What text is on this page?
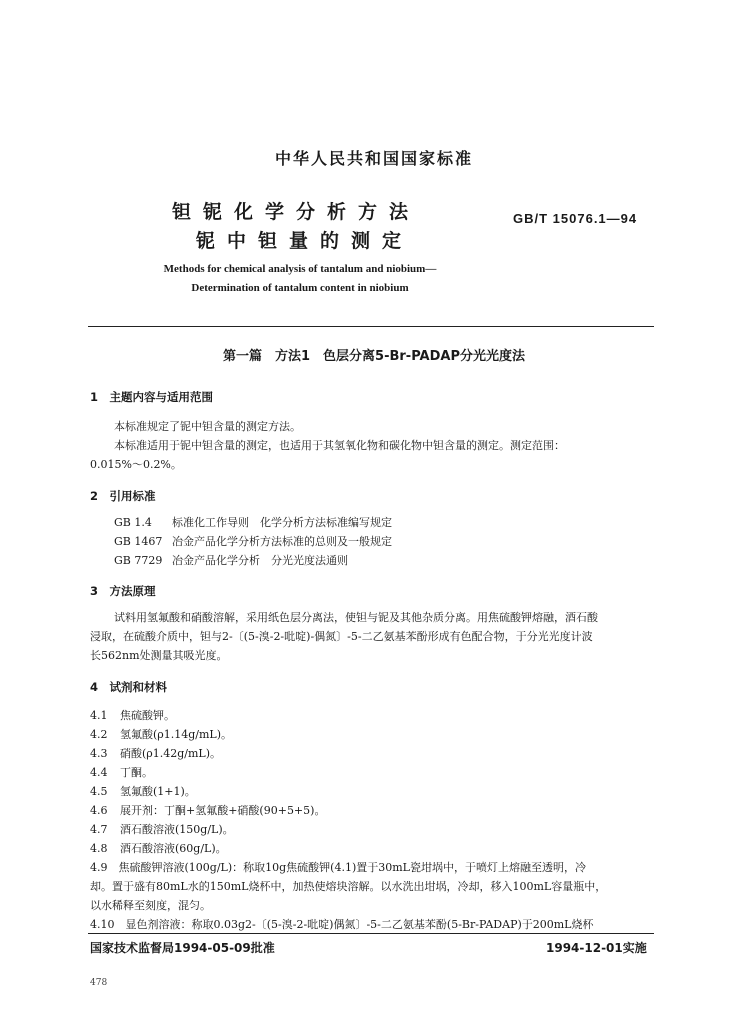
中华人民共和国国家标准
钽铌化学分析方法
铌中钽量的测定
GB/T 15076.1—94
Methods for chemical analysis of tantalum and niobium—
Determination of tantalum content in niobium
第一篇　方法1　色层分离5-Br-PADAP分光光度法
1　主题内容与适用范围
本标准规定了铌中钽含量的测定方法。
本标准适用于铌中钽含量的测定，也适用于其氢氧化物和碳化物中钽含量的测定。测定范围：
0.015%～0.2%。
2　引用标准
GB 1.4 标准化工作导则　化学分析方法标准编写规定
GB 1467 冶金产品化学分析方法标准的总则及一般规定
GB 7729 冶金产品化学分析　分光光度法通则
3　方法原理
试料用氢氟酸和硝酸溶解，采用纸色层分离法，使钽与铌及其他杂质分离。用焦硫酸钾熔融，酒石酸
浸取，在硫酸介质中，钽与2-〔(5-溴-2-吡啶)-偶氮〕-5-二乙氨基苯酚形成有色配合物，于分光光度计波
长562nm处测量其吸光度。
4　试剂和材料
4.1 焦硫酸钾。
4.2 氢氟酸(ρ1.14g/mL)。
4.3 硝酸(ρ1.42g/mL)。
4.4 丁酮。
4.5 氢氟酸(1+1)。
4.6 展开剂：丁酮+氢氟酸+硝酸(90+5+5)。
4.7 酒石酸溶液(150g/L)。
4.8 酒石酸溶液(60g/L)。
4.9　焦硫酸钾溶液(100g/L)：称取10g焦硫酸钾(4.1)置于30mL瓷坩埚中，于喷灯上熔融至透明，冷
却。置于盛有80mL水的150mL烧杯中，加热使熔块溶解。以水洗出坩埚，冷却，移入100mL容量瓶中，
以水稀释至刻度，混匀。
4.10　显色剂溶液：称取0.03g2-〔(5-溴-2-吡啶)偶氮〕-5-二乙氨基苯酚(5-Br-PADAP)于200mL烧杯
国家技术监督局1994-05-09批准	1994-12-01实施
478
